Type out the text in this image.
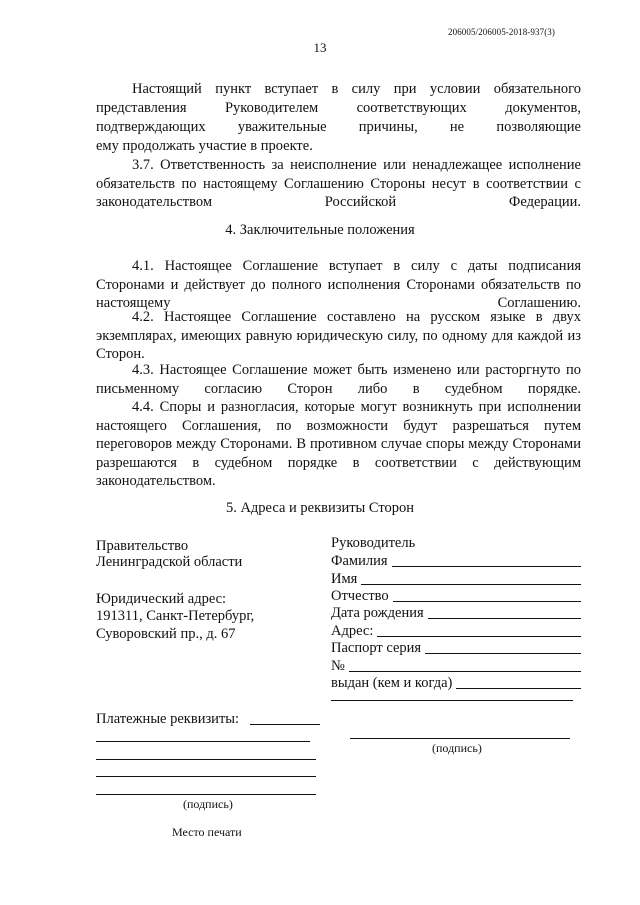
206005/206005-2018-937(3)
13

Настоящий пункт вступает в силу при условии обязательного

представления Руководителем соответствующих документов,

подтверждающих уважительные причины, не позволяющие

ему продолжать участие в проекте.

3.7. Ответственность за неисполнение или ненадлежащее исполнение обязательств по настоящему Соглашению Стороны несут в соответствии с законодательством Российской Федерации.

4. Заключительные положения

4.1. Настоящее Соглашение вступает в силу с даты подписания Сторонами и действует до полного исполнения Сторонами обязательств по настоящему Соглашению.

4.2. Настоящее Соглашение составлено на русском языке в двух экземплярах, имеющих равную юридическую силу, по одному для каждой из Сторон.

4.3. Настоящее Соглашение может быть изменено или расторгнуто по письменному согласию Сторон либо в судебном порядке.

4.4. Споры и разногласия, которые могут возникнуть при исполнении настоящего Соглашения, по возможности будут разрешаться путем переговоров между Сторонами. В противном случае споры между Сторонами разрешаются в судебном порядке в соответствии с действующим законодательством.

5. Адреса и реквизиты Сторон
Правительство
Ленинградской области
Юридический адрес:
191311, Санкт-Петербург,
Суворовский пр., д. 67
Платежные реквизиты:
(подпись)
Место печати
Руководитель
Фамилия
Имя
Отчество
Дата рождения
Адрес:
Паспорт серия
№
выдан (кем и когда)
(подпись)
